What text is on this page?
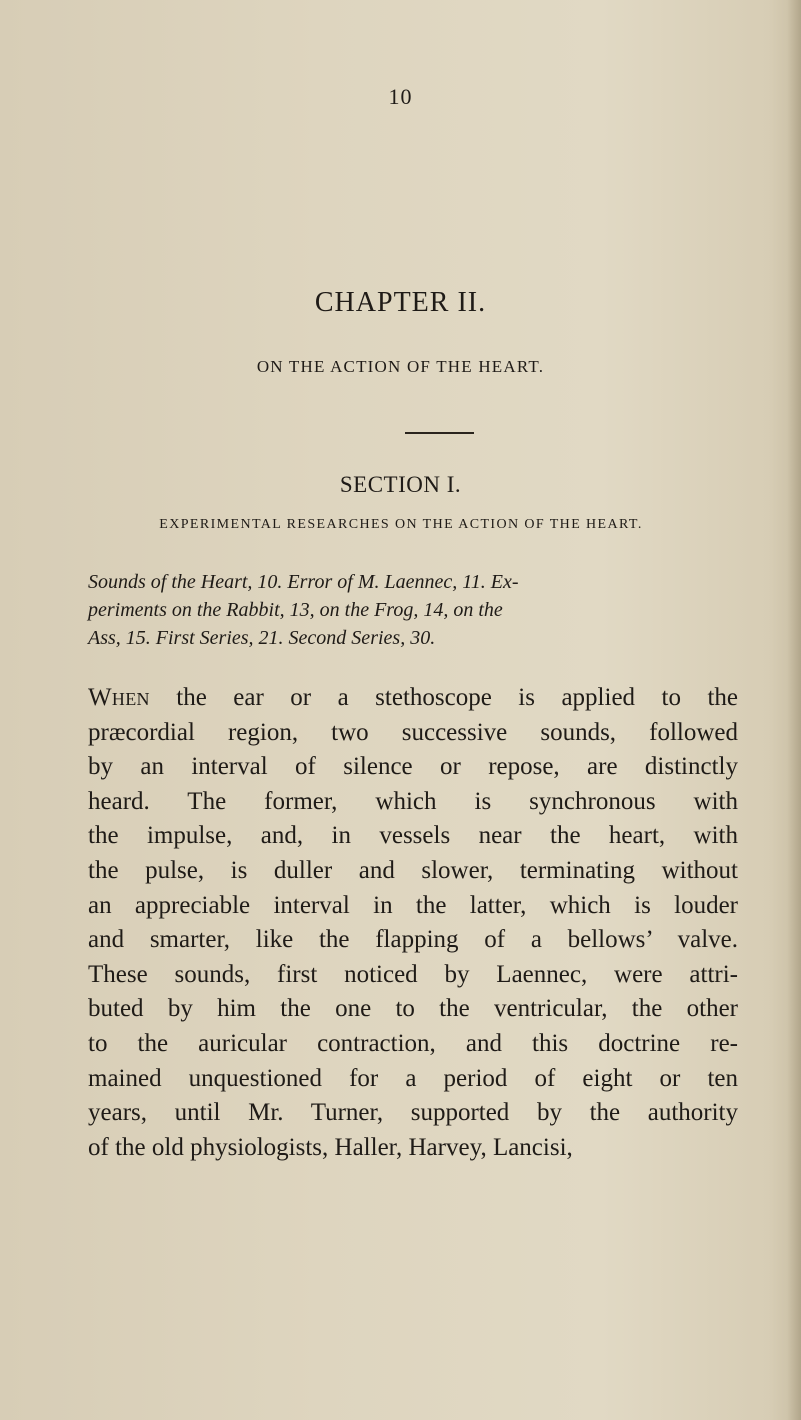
10
CHAPTER II.
ON THE ACTION OF THE HEART.
SECTION I.
EXPERIMENTAL RESEARCHES ON THE ACTION OF THE HEART.
Sounds of the Heart, 10. Error of M. Laennec, 11. Ex-
periments on the Rabbit, 13, on the Frog, 14, on the
Ass, 15. First Series, 21. Second Series, 30.
When the ear or a stethoscope is applied to the
præcordial region, two successive sounds, followed
by an interval of silence or repose, are distinctly
heard. The former, which is synchronous with
the impulse, and, in vessels near the heart, with
the pulse, is duller and slower, terminating without
an appreciable interval in the latter, which is louder
and smarter, like the flapping of a bellows’ valve.
These sounds, first noticed by Laennec, were attri-
buted by him the one to the ventricular, the other
to the auricular contraction, and this doctrine re-
mained unquestioned for a period of eight or ten
years, until Mr. Turner, supported by the authority
of the old physiologists, Haller, Harvey, Lancisi,
